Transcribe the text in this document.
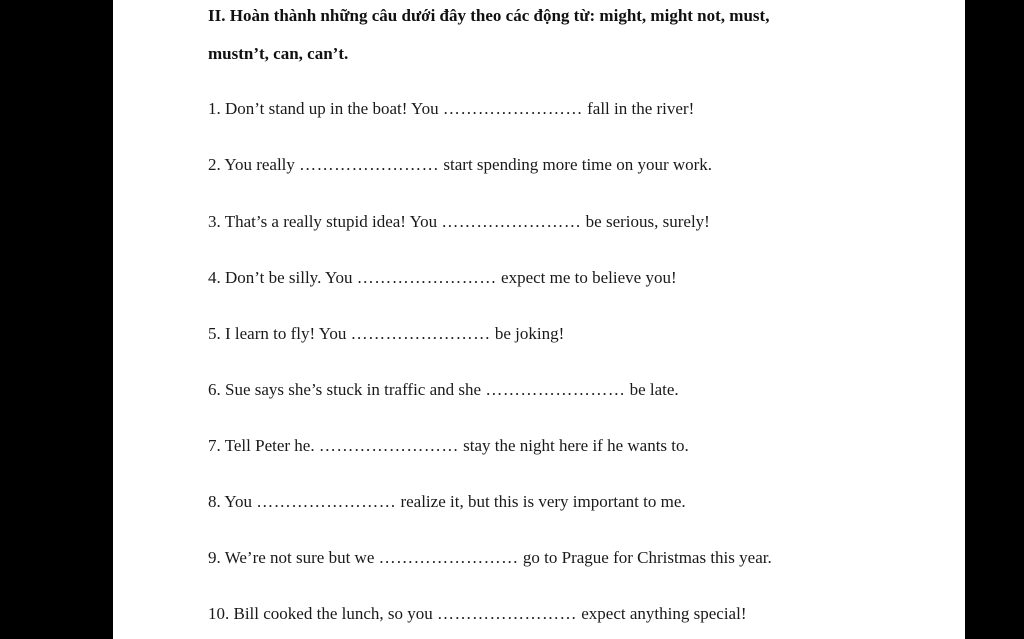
II. Hoàn thành những câu dưới đây theo các động từ: might, might not, must,
mustn’t, can, can’t.
1. Don’t stand up in the boat! You …………………… fall in the river!
2. You really …………………… start spending more time on your work.
3. That’s a really stupid idea! You …………………… be serious, surely!
4. Don’t be silly. You …………………… expect me to believe you!
5. I learn to fly! You …………………… be joking!
6. Sue says she’s stuck in traffic and she …………………… be late.
7. Tell Peter he. …………………… stay the night here if he wants to.
8. You …………………… realize it, but this is very important to me.
9. We’re not sure but we …………………… go to Prague for Christmas this year.
10. Bill cooked the lunch, so you …………………… expect anything special!
